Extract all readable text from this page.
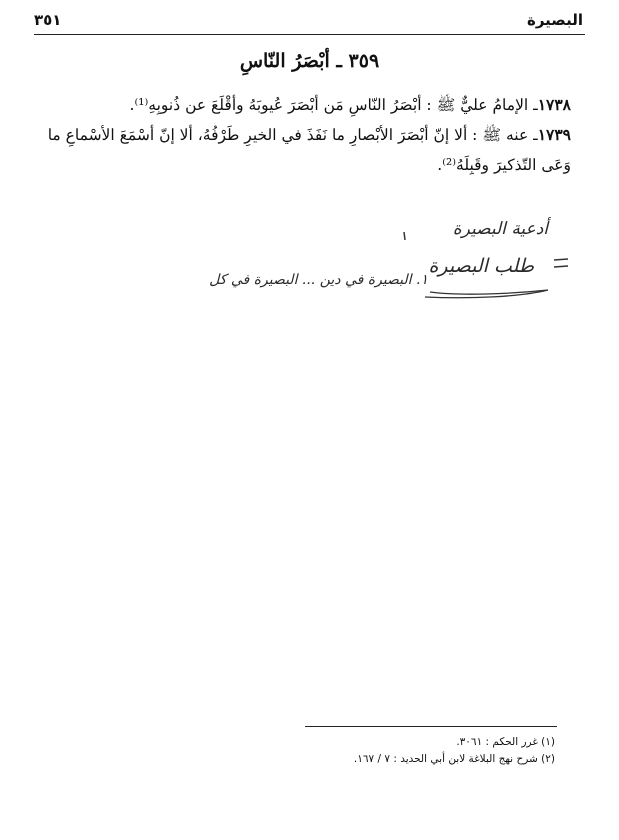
البصيرة
٣٥١
٣٥٩ ـ أبْصَرُ النّاسِ
١٧٣٨ـ الإمامُ عليٌّ ﷺ : أبْصَرُ النّاسِ مَن أبْصَرَ عُيوبَهُ وأقْلَعَ عن ذُنوبِهِ⁽¹⁾.
١٧٣٩ـ عنه ﷺ : ألا إنّ أبْصَرَ الأبْصارِ ما نَفَذَ في الخيرِ طَرْفُهُ، ألا إنّ أسْمَعَ الأسْماعِ ما وَعَى التّذكيرَ وقَبِلَهُ⁽²⁾.
أدعية البصيرة
طلب البصيرة
١. البصيرة في دين ... البصيرة في كل
(١) غرر الحكم : ٣٠٦١.
(٢) شرح نهج البلاغة لابن أبي الحديد : ٧ / ١٦٧.
